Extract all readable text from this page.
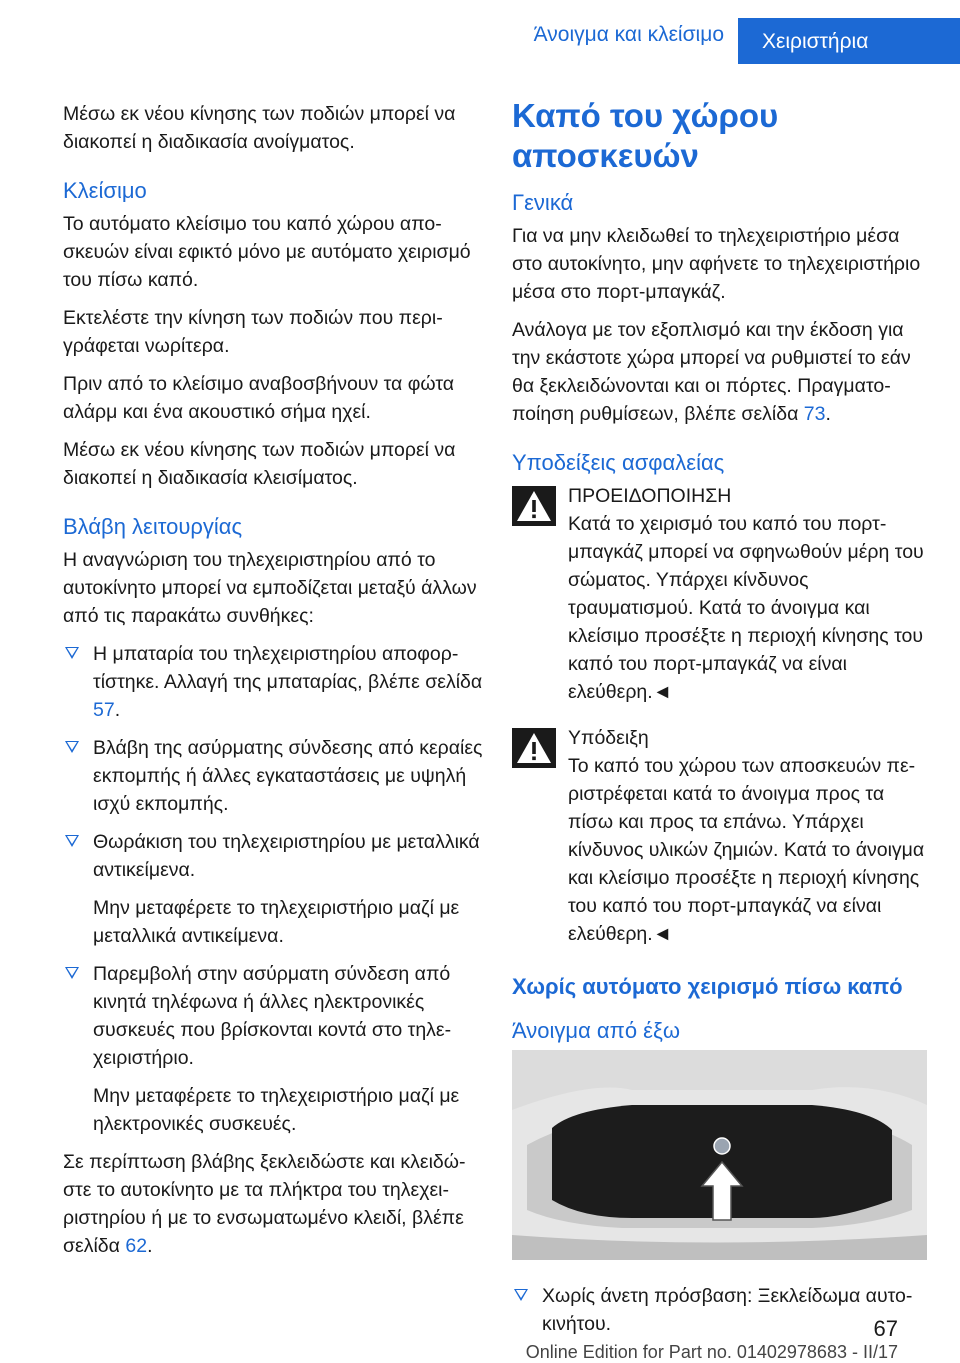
Άνοιγμα και κλείσιμο	Χειριστήρια

Μέσω εκ νέου κίνησης των ποδιών μπορεί να διακοπεί η διαδικασία ανοίγματος.

Κλείσιμο

Το αυτόματο κλείσιμο του καπό χώρου αποσκευών είναι εφικτό μόνο με αυτόματο χειρισμό του πίσω καπό.

Εκτελέστε την κίνηση των ποδιών που περιγράφεται νωρίτερα.

Πριν από το κλείσιμο αναβοσβήνουν τα φώτα αλάρμ και ένα ακουστικό σήμα ηχεί.

Μέσω εκ νέου κίνησης των ποδιών μπορεί να διακοπεί η διαδικασία κλεισίματος.

Βλάβη λειτουργίας

Η αναγνώριση του τηλεχειριστηρίου από το αυτοκίνητο μπορεί να εμποδίζεται μεταξύ άλλων από τις παρακάτω συνθήκες:

Η μπαταρία του τηλεχειριστηρίου αποφορτίστηκε. Αλλαγή της μπαταρίας, βλέπε σελίδα 57.
Βλάβη της ασύρματης σύνδεσης από κεραίες εκπομπής ή άλλες εγκαταστάσεις με υψηλή ισχύ εκπομπής.
Θωράκιση του τηλεχειριστηρίου με μεταλλικά αντικείμενα.

Μην μεταφέρετε το τηλεχειριστήριο μαζί με μεταλλικά αντικείμενα.

Παρεμβολή στην ασύρματη σύνδεση από κινητά τηλέφωνα ή άλλες ηλεκτρονικές συσκευές που βρίσκονται κοντά στο τηλεχειριστήριο.

Μην μεταφέρετε το τηλεχειριστήριο μαζί με ηλεκτρονικές συσκευές.

Σε περίπτωση βλάβης ξεκλειδώστε και κλειδώστε το αυτοκίνητο με τα πλήκτρα του τηλεχειριστηρίου ή με το ενσωματωμένο κλειδί, βλέπε σελίδα 62.

Καπό του χώρου αποσκευών
Γενικά

Για να μην κλειδωθεί το τηλεχειριστήριο μέσα στο αυτοκίνητο, μην αφήνετε το τηλεχειριστήριο μέσα στο πορτ-μπαγκάζ.

Ανάλογα με τον εξοπλισμό και την έκδοση για την εκάστοτε χώρα μπορεί να ρυθμιστεί το εάν θα ξεκλειδώνονται και οι πόρτες. Πραγματοποίηση ρυθμίσεων, βλέπε σελίδα 73.

Υποδείξεις ασφαλείας
ΠΡΟΕΙΔΟΠΟΙΗΣΗ
Κατά το χειρισμό του καπό του πορτ-μπαγκάζ μπορεί να σφηνωθούν μέρη του σώματος. Υπάρχει κίνδυνος τραυματισμού. Κατά το άνοιγμα και κλείσιμο προσέξτε η περιοχή κίνησης του καπό του πορτ-μπαγκάζ να είναι ελεύθερη.◄
Υπόδειξη
Το καπό του χώρου των αποσκευών περιστρέφεται κατά το άνοιγμα προς τα πίσω και προς τα επάνω. Υπάρχει κίνδυνος υλικών ζημιών. Κατά το άνοιγμα και κλείσιμο προσέξτε η περιοχή κίνησης του καπό του πορτ-μπαγκάζ να είναι ελεύθερη.◄
Χωρίς αυτόματο χειρισμό πίσω καπό
Άνοιγμα από έξω
Χωρίς άνετη πρόσβαση: Ξεκλείδωμα αυτοκινήτου.	67
Online Edition for Part no. 01402978683 - II/17
